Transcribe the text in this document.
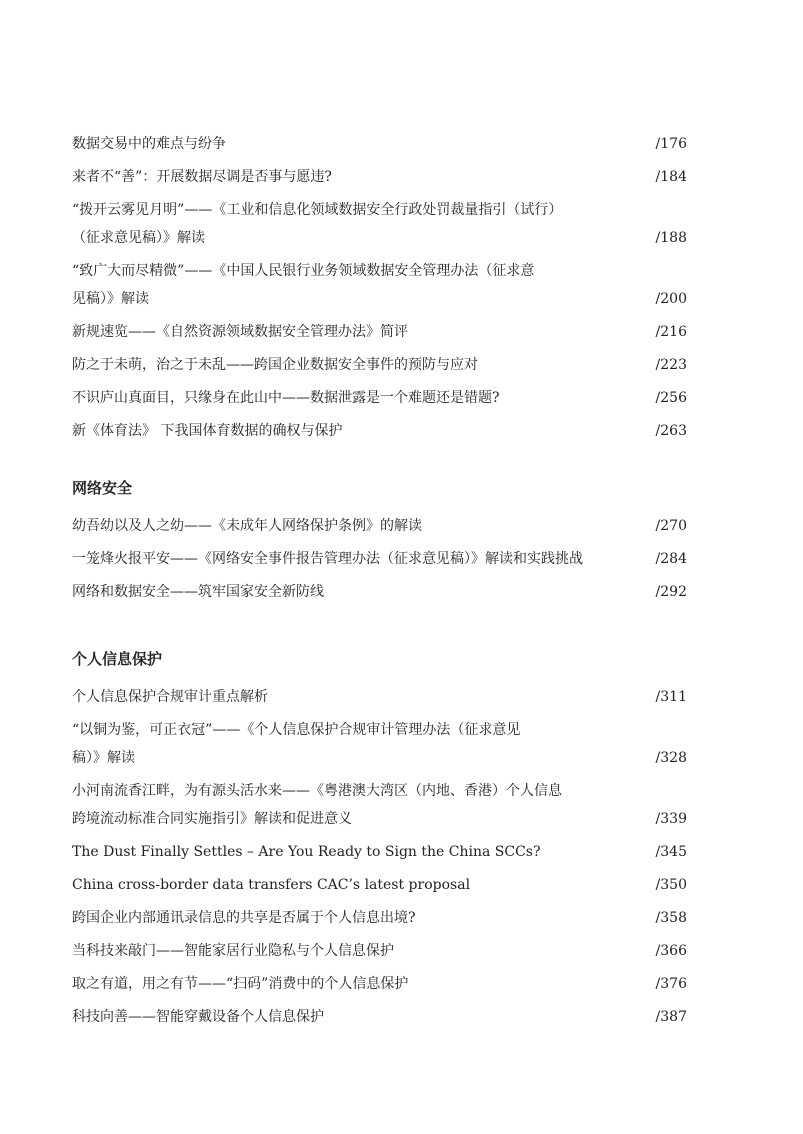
数据交易中的难点与纷争	/176
来者不“善”：开展数据尽调是否事与愿违?	/184
“拨开云雾见月明”——《工业和信息化领域数据安全行政处罚裁量指引（试行）
（征求意见稿）》解读	/188
“致广大而尽精微”——《中国人民银行业务领域数据安全管理办法（征求意
见稿）》解读	/200
新规速览——《自然资源领域数据安全管理办法》简评	/216
防之于未萌，治之于未乱——跨国企业数据安全事件的预防与应对	/223
不识庐山真面目，只缘身在此山中——数据泄露是一个难题还是错题?	/256
新《体育法》 下我国体育数据的确权与保护	/263
网络安全
幼吾幼以及人之幼——《未成年人网络保护条例》的解读	/270
一笼烽火报平安——《网络安全事件报告管理办法（征求意见稿）》解读和实践挑战	/284
网络和数据安全——筑牢国家安全新防线	/292
个人信息保护
个人信息保护合规审计重点解析	/311
“以铜为鉴，可正衣冠”——《个人信息保护合规审计管理办法（征求意见
稿）》解读	/328
小河南流香江畔，为有源头活水来——《粤港澳大湾区（内地、香港）个人信息
跨境流动标准合同实施指引》解读和促进意义	/339
The Dust Finally Settles – Are You Ready to Sign the China SCCs?	/345
China cross-border data transfers CAC’s latest proposal	/350
跨国企业内部通讯录信息的共享是否属于个人信息出境?	/358
当科技来敲门——智能家居行业隐私与个人信息保护	/366
取之有道，用之有节——“扫码”消费中的个人信息保护	/376
科技向善——智能穿戴设备个人信息保护	/387
